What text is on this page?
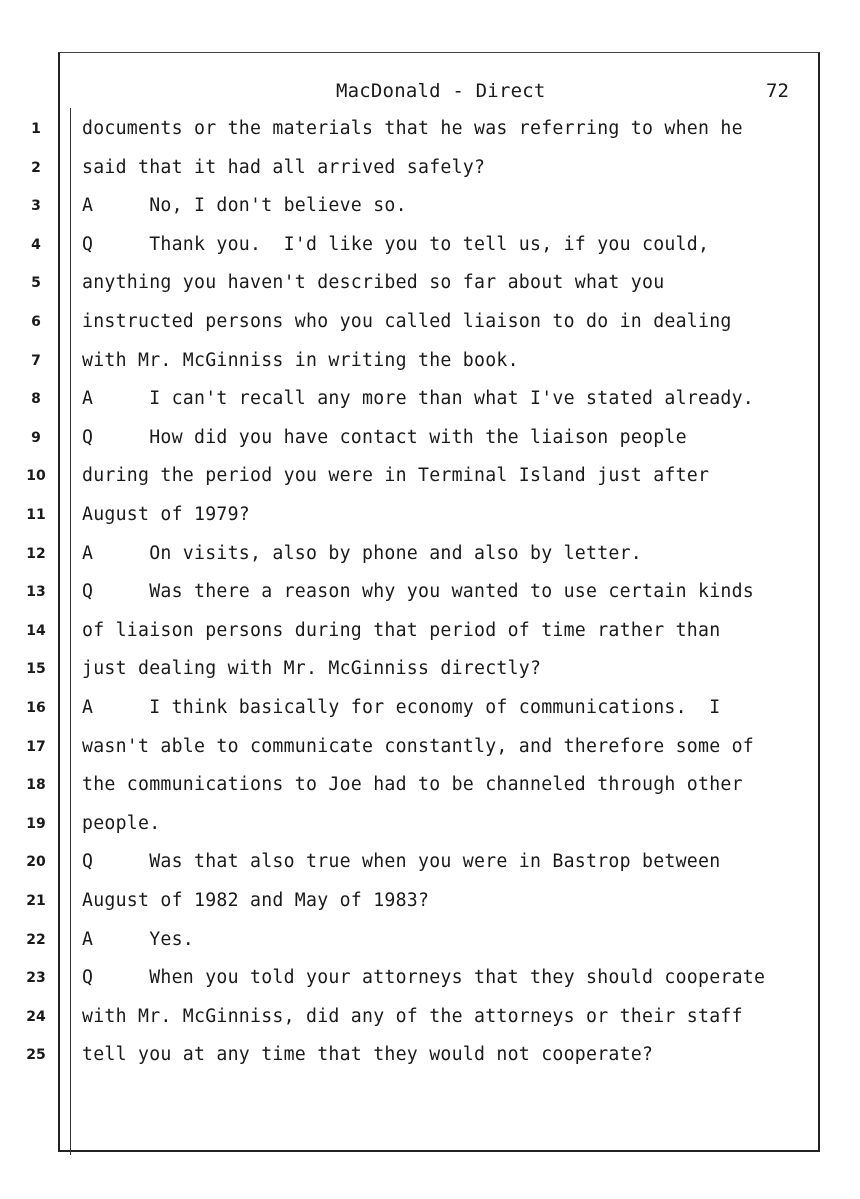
MacDonald - Direct	72
1	documents or the materials that he was referring to when he
2	said that it had all arrived safely?
3	A     No, I don't believe so.
4	Q     Thank you.  I'd like you to tell us, if you could,
5	anything you haven't described so far about what you
6	instructed persons who you called liaison to do in dealing
7	with Mr. McGinniss in writing the book.
8	A     I can't recall any more than what I've stated already.
9	Q     How did you have contact with the liaison people
10 during the period you were in Terminal Island just after
11 August of 1979?
12 A     On visits, also by phone and also by letter.
13 Q     Was there a reason why you wanted to use certain kinds
14 of liaison persons during that period of time rather than
15 just dealing with Mr. McGinniss directly?
16 A     I think basically for economy of communications.  I
17 wasn't able to communicate constantly, and therefore some of
18 the communications to Joe had to be channeled through other
19 people.
20 Q     Was that also true when you were in Bastrop between
21 August of 1982 and May of 1983?
22 A     Yes.
23 Q     When you told your attorneys that they should cooperate
24 with Mr. McGinniss, did any of the attorneys or their staff
25 tell you at any time that they would not cooperate?
